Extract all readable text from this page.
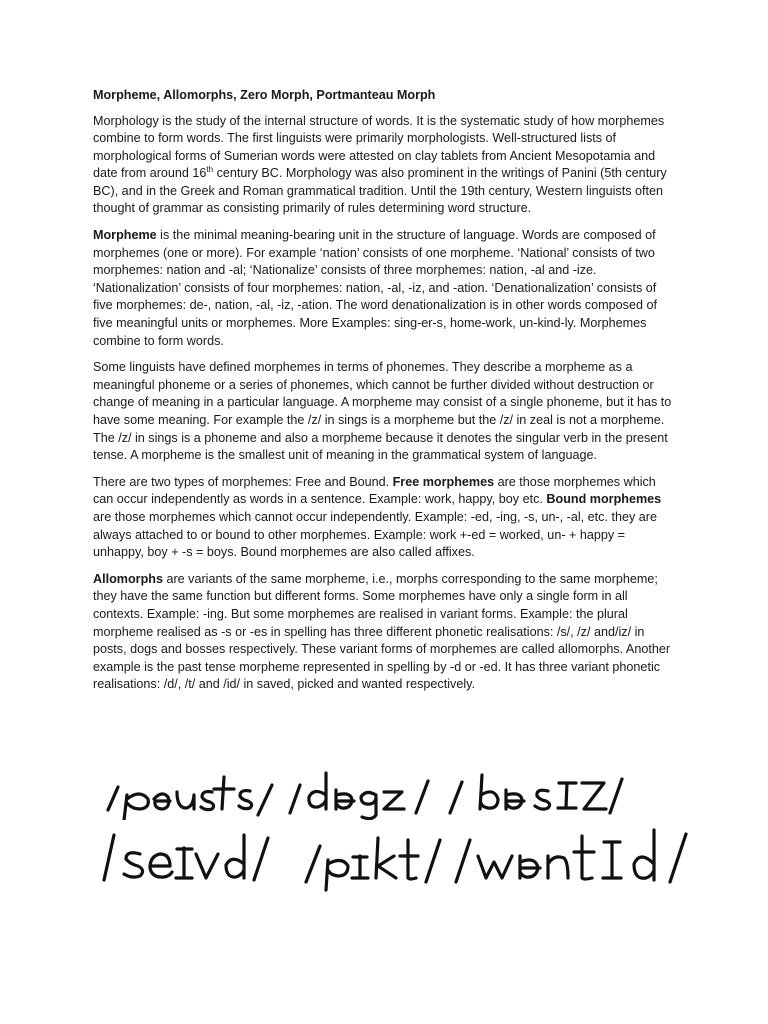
Morpheme, Allomorphs, Zero Morph, Portmanteau Morph

Morphology is the study of the internal structure of words. It is the systematic study of how morphemes combine to form words. The first linguists were primarily morphologists. Well-structured lists of morphological forms of Sumerian words were attested on clay tablets from Ancient Mesopotamia and date from around 16th century BC. Morphology was also prominent in the writings of Panini (5th century BC), and in the Greek and Roman grammatical tradition. Until the 19th century, Western linguists often thought of grammar as consisting primarily of rules determining word structure.

Morpheme is the minimal meaning-bearing unit in the structure of language. Words are composed of morphemes (one or more). For example ‘nation’ consists of one morpheme. ‘National’ consists of two morphemes: nation and -al; ‘Nationalize’ consists of three morphemes: nation, -al and -ize. ‘Nationalization’ consists of four morphemes: nation, -al, -iz, and -ation. ‘Denationalization’ consists of five morphemes: de-, nation, -al, -iz, -ation. The word denationalization is in other words composed of five meaningful units or morphemes. More Examples: sing-er-s, home-work, un-kind-ly. Morphemes combine to form words.

Some linguists have defined morphemes in terms of phonemes. They describe a morpheme as a meaningful phoneme or a series of phonemes, which cannot be further divided without destruction or change of meaning in a particular language. A morpheme may consist of a single phoneme, but it has to have some meaning. For example the /z/ in sings is a morpheme but the /z/ in zeal is not a morpheme. The /z/ in sings is a phoneme and also a morpheme because it denotes the singular verb in the present tense. A morpheme is the smallest unit of meaning in the grammatical system of language.

There are two types of morphemes: Free and Bound. Free morphemes are those morphemes which can occur independently as words in a sentence. Example: work, happy, boy etc. Bound morphemes are those morphemes which cannot occur independently. Example: -ed, -ing, -s, un-, -al, etc. they are always attached to or bound to other morphemes. Example: work +-ed = worked, un- + happy = unhappy, boy + -s = boys. Bound morphemes are also called affixes.

Allomorphs are variants of the same morpheme, i.e., morphs corresponding to the same morpheme; they have the same function but different forms. Some morphemes have only a single form in all contexts. Example: -ing. But some morphemes are realised in variant forms. Example: the plural morpheme realised as -s or -es in spelling has three different phonetic realisations: /s/, /z/ and/iz/ in posts, dogs and bosses respectively. These variant forms of morphemes are called allomorphs. Another example is the past tense morpheme represented in spelling by -d or -ed. It has three variant phonetic realisations: /d/, /t/ and /id/ in saved, picked and wanted respectively.
